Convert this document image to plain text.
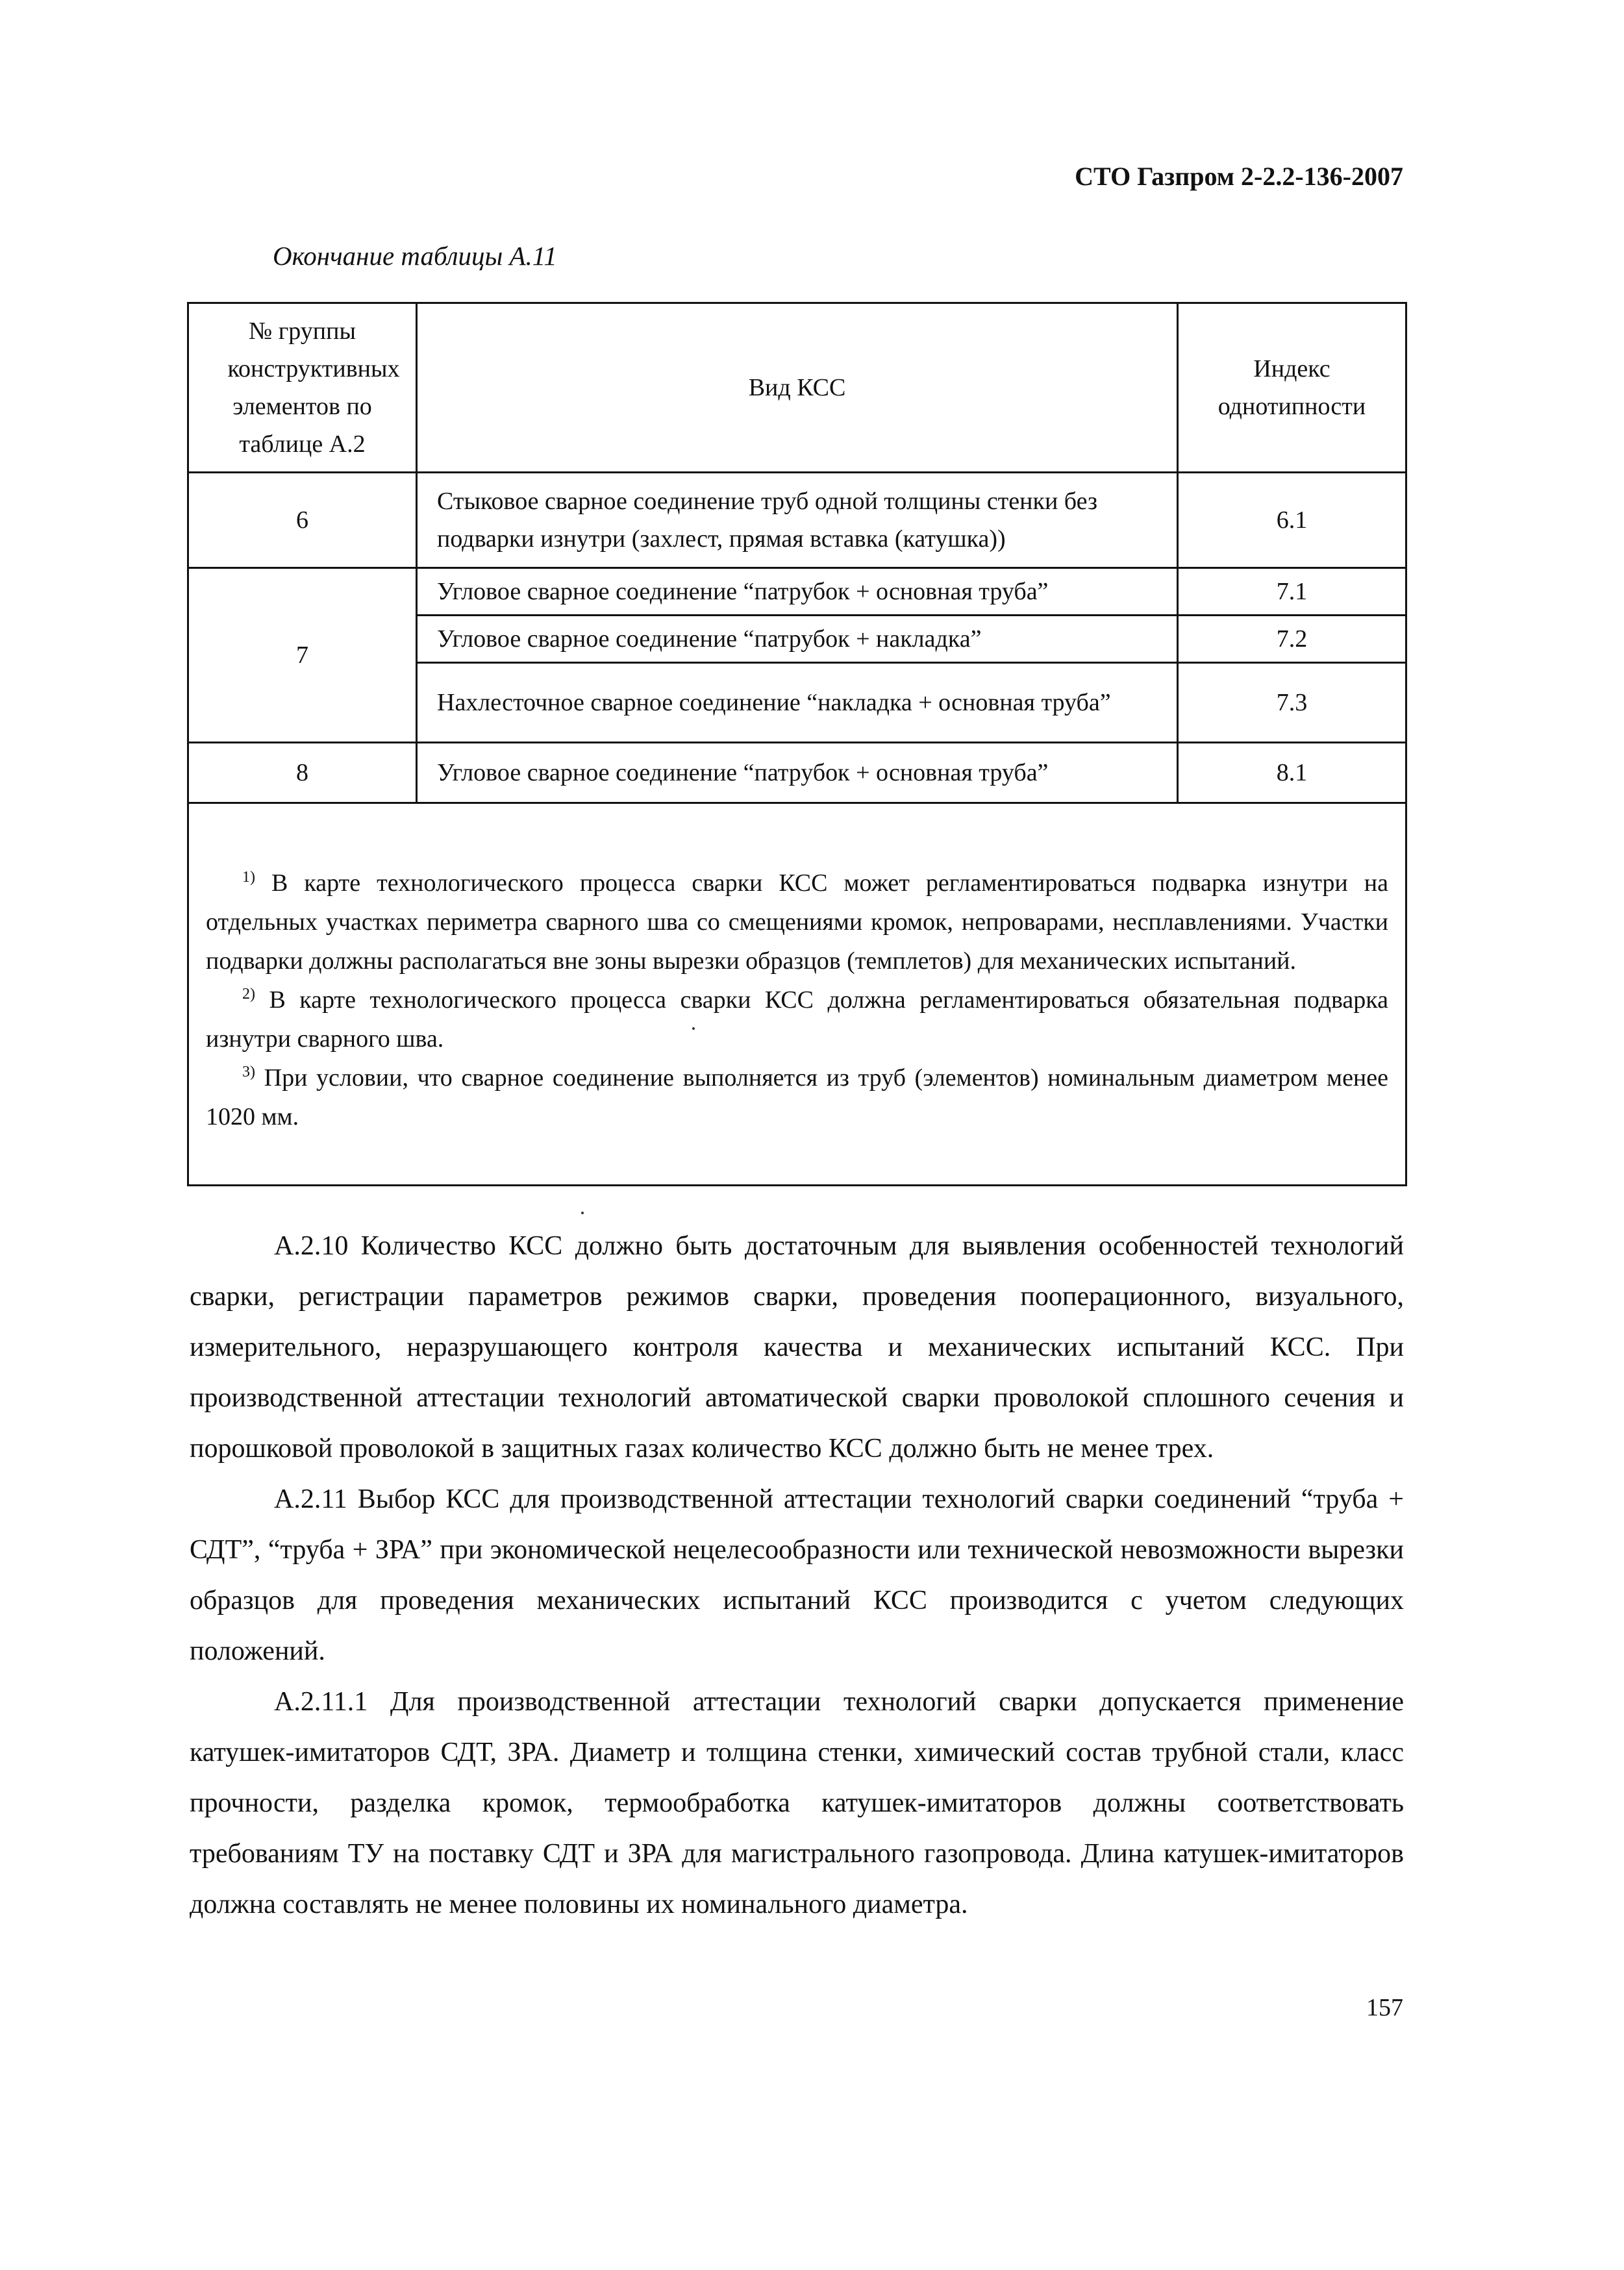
СТО Газпром 2-2.2-136-2007
Окончание таблицы А.11
№ группы конструктивных элементов по таблице А.2	Вид КСС	Индекс однотипности

6	Стыковое сварное соединение труб одной толщины стенки без подварки изнутри (захлест, прямая вставка (катушка))	6.1
7	Угловое сварное соединение “патрубок + основная труба”	7.1
	Угловое сварное соединение “патрубок + накладка”	7.2

	Нахлесточное сварное соединение “накладка + основная труба”	7.3
8	Угловое сварное соединение “патрубок + основная труба”	8.1

$^{1)}$ В карте технологического процесса сварки КСС может регламентироваться подварка изнутри на отдельных участках периметра сварного шва со смещениями кромок, непроварами, несплавлениями. Участки подварки должны располагаться вне зоны вырезки образцов (темплетов) для механических испытаний.

$^{2)}$ В карте технологического процесса сварки КСС должна регламентироваться обязательная подварка изнутри сварного шва.

$^{3)}$ При условии, что сварное соединение выполняется из труб (элементов) номинальным диаметром менее 1020 мм.		

А.2.10 Количество КСС должно быть достаточным для выявления особенностей технологий сварки, регистрации параметров режимов сварки, проведения пооперационного, визуального, измерительного, неразрушающего контроля качества и механических испытаний КСС. При производственной аттестации технологий автоматической сварки проволокой сплошного сечения и порошковой проволокой в защитных газах количество КСС должно быть не менее трех.

А.2.11 Выбор КСС для производственной аттестации технологий сварки соединений “труба + СДТ”, “труба + ЗРА” при экономической нецелесообразности или технической невозможности вырезки образцов для проведения механических испытаний КСС производится с учетом следующих положений.

А.2.11.1 Для производственной аттестации технологий сварки допускается применение катушек-имитаторов СДТ, ЗРА. Диаметр и толщина стенки, химический состав трубной стали, класс прочности, разделка кромок, термообработка катушек-имитаторов должны соответствовать требованиям ТУ на поставку СДТ и ЗРА для магистрального газопровода. Длина катушек-имитаторов должна составлять не менее половины их номинального диаметра.

157
